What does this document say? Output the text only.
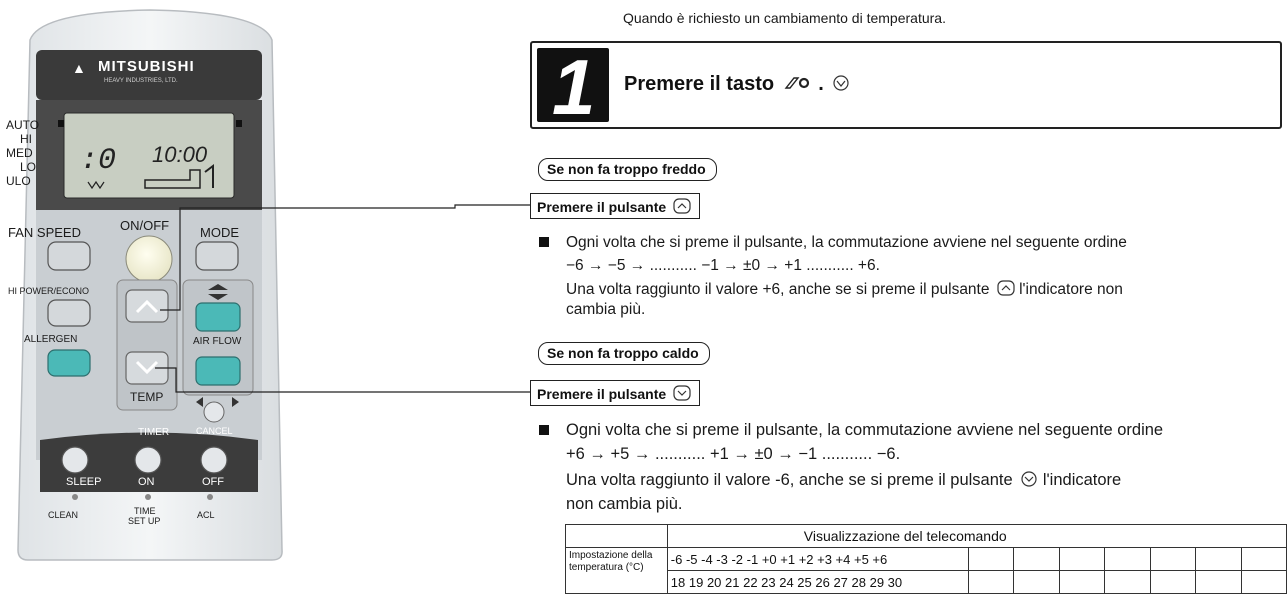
:0 10:00
MITSUBISHI
HEAVY INDUSTRIES, LTD.
▲
AUTO
HI
MED
LO
ULO
FAN SPEED	ON/OFF MODE
HI POWER/ECONO
ALLERGEN	AIR FLOW
TEMP
TIMER	CANCEL
SLEEP	ON	OFF
CLEAN	TIME
SET UP
ACL
Quando è richiesto un cambiamento di temperatura.
1 Premere il tasto  .
Se non fa troppo freddo
Premere il pulsante
Ogni volta che si preme il pulsante, la commutazione avviene nel seguente ordine
−6 → −5 → ........... −1 → ±0 → +1 ........... +6.
Una volta raggiunto il valore +6, anche se si preme il pulsante l'indicatore non
cambia più.
Se non fa troppo caldo
Premere il pulsante
Ogni volta che si preme il pulsante, la commutazione avviene nel seguente ordine
+6 → +5 → ........... +1 → ±0 → −1 ........... −6.
Una volta raggiunto il valore -6, anche se si preme il pulsante l'indicatore
non cambia più.
	Visualizzazione del telecomando							
Impostazione della
temperatura (°C)	-6 -5 -4 -3 -2 -1 +0 +1 +2 +3 +4 +5 +6							
	18 19 20 21 22 23 24 25 26 27 28 29 30							
